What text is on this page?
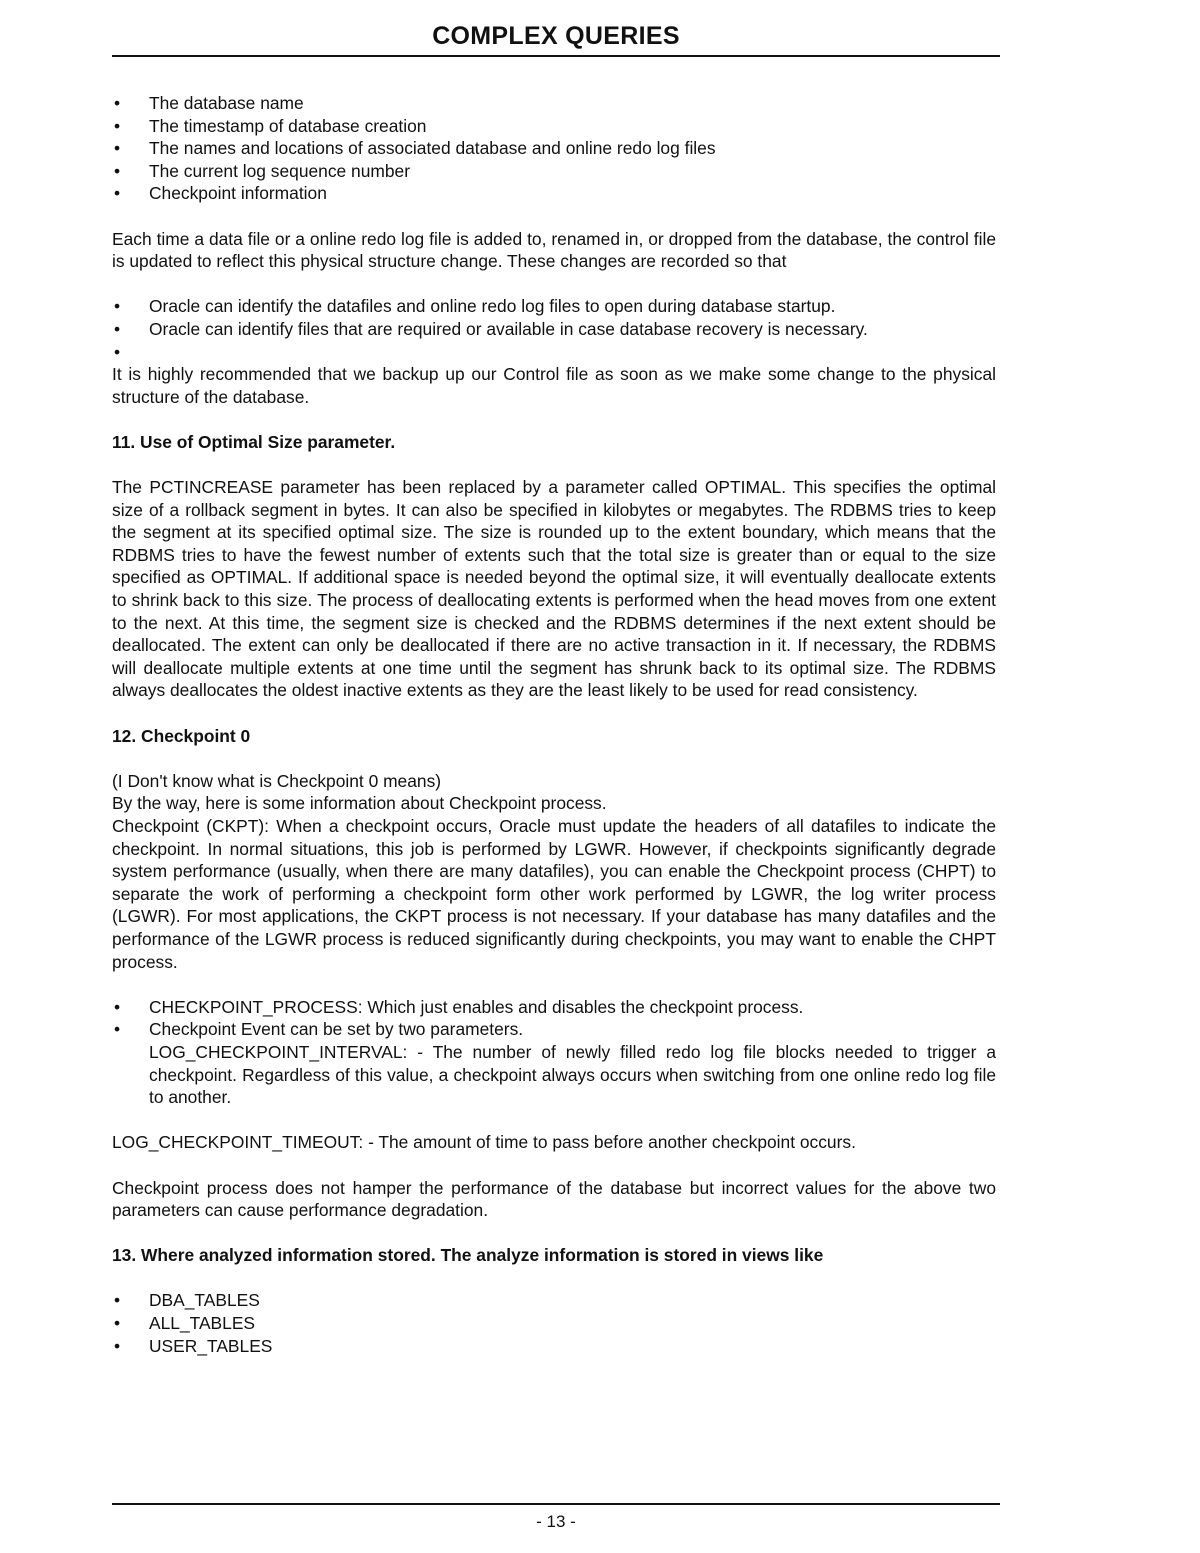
COMPLEX QUERIES
• The database name
• The timestamp of database creation
• The names and locations of associated database and online redo log files
• The current log sequence number
• Checkpoint information

Each time a data file or a online redo log file is added to, renamed in, or dropped from the database, the control file is updated to reflect this physical structure change. These changes are recorded so that

• Oracle can identify the datafiles and online redo log files to open during database startup.
• Oracle can identify files that are required or available in case database recovery is necessary.
•

It is highly recommended that we backup up our Control file as soon as we make some change to the physical structure of the database.

11. Use of Optimal Size parameter.

The PCTINCREASE parameter has been replaced by a parameter called OPTIMAL. This specifies the optimal size of a rollback segment in bytes. It can also be specified in kilobytes or megabytes. The RDBMS tries to keep the segment at its specified optimal size. The size is rounded up to the extent boundary, which means that the RDBMS tries to have the fewest number of extents such that the total size is greater than or equal to the size specified as OPTIMAL. If additional space is needed beyond the optimal size, it will eventually deallocate extents to shrink back to this size. The process of deallocating extents is performed when the head moves from one extent to the next. At this time, the segment size is checked and the RDBMS determines if the next extent should be deallocated. The extent can only be deallocated if there are no active transaction in it. If necessary, the RDBMS will deallocate multiple extents at one time until the segment has shrunk back to its optimal size. The RDBMS always deallocates the oldest inactive extents as they are the least likely to be used for read consistency.

12. Checkpoint 0

(I Don't know what is Checkpoint 0 means)

By the way, here is some information about Checkpoint process.

Checkpoint (CKPT): When a checkpoint occurs, Oracle must update the headers of all datafiles to indicate the checkpoint. In normal situations, this job is performed by LGWR. However, if checkpoints significantly degrade system performance (usually, when there are many datafiles), you can enable the Checkpoint process (CHPT) to separate the work of performing a checkpoint form other work performed by LGWR, the log writer process (LGWR). For most applications, the CKPT process is not necessary. If your database has many datafiles and the performance of the LGWR process is reduced significantly during checkpoints, you may want to enable the CHPT process.

• CHECKPOINT_PROCESS: Which just enables and disables the checkpoint process.
• Checkpoint Event can be set by two parameters.

LOG_CHECKPOINT_INTERVAL: - The number of newly filled redo log file blocks needed to trigger a checkpoint. Regardless of this value, a checkpoint always occurs when switching from one online redo log file to another.

LOG_CHECKPOINT_TIMEOUT: - The amount of time to pass before another checkpoint occurs.

Checkpoint process does not hamper the performance of the database but incorrect values for the above two parameters can cause performance degradation.

13. Where analyzed information stored. The analyze information is stored in views like

• DBA_TABLES
• ALL_TABLES
• USER_TABLES
- 13 -
